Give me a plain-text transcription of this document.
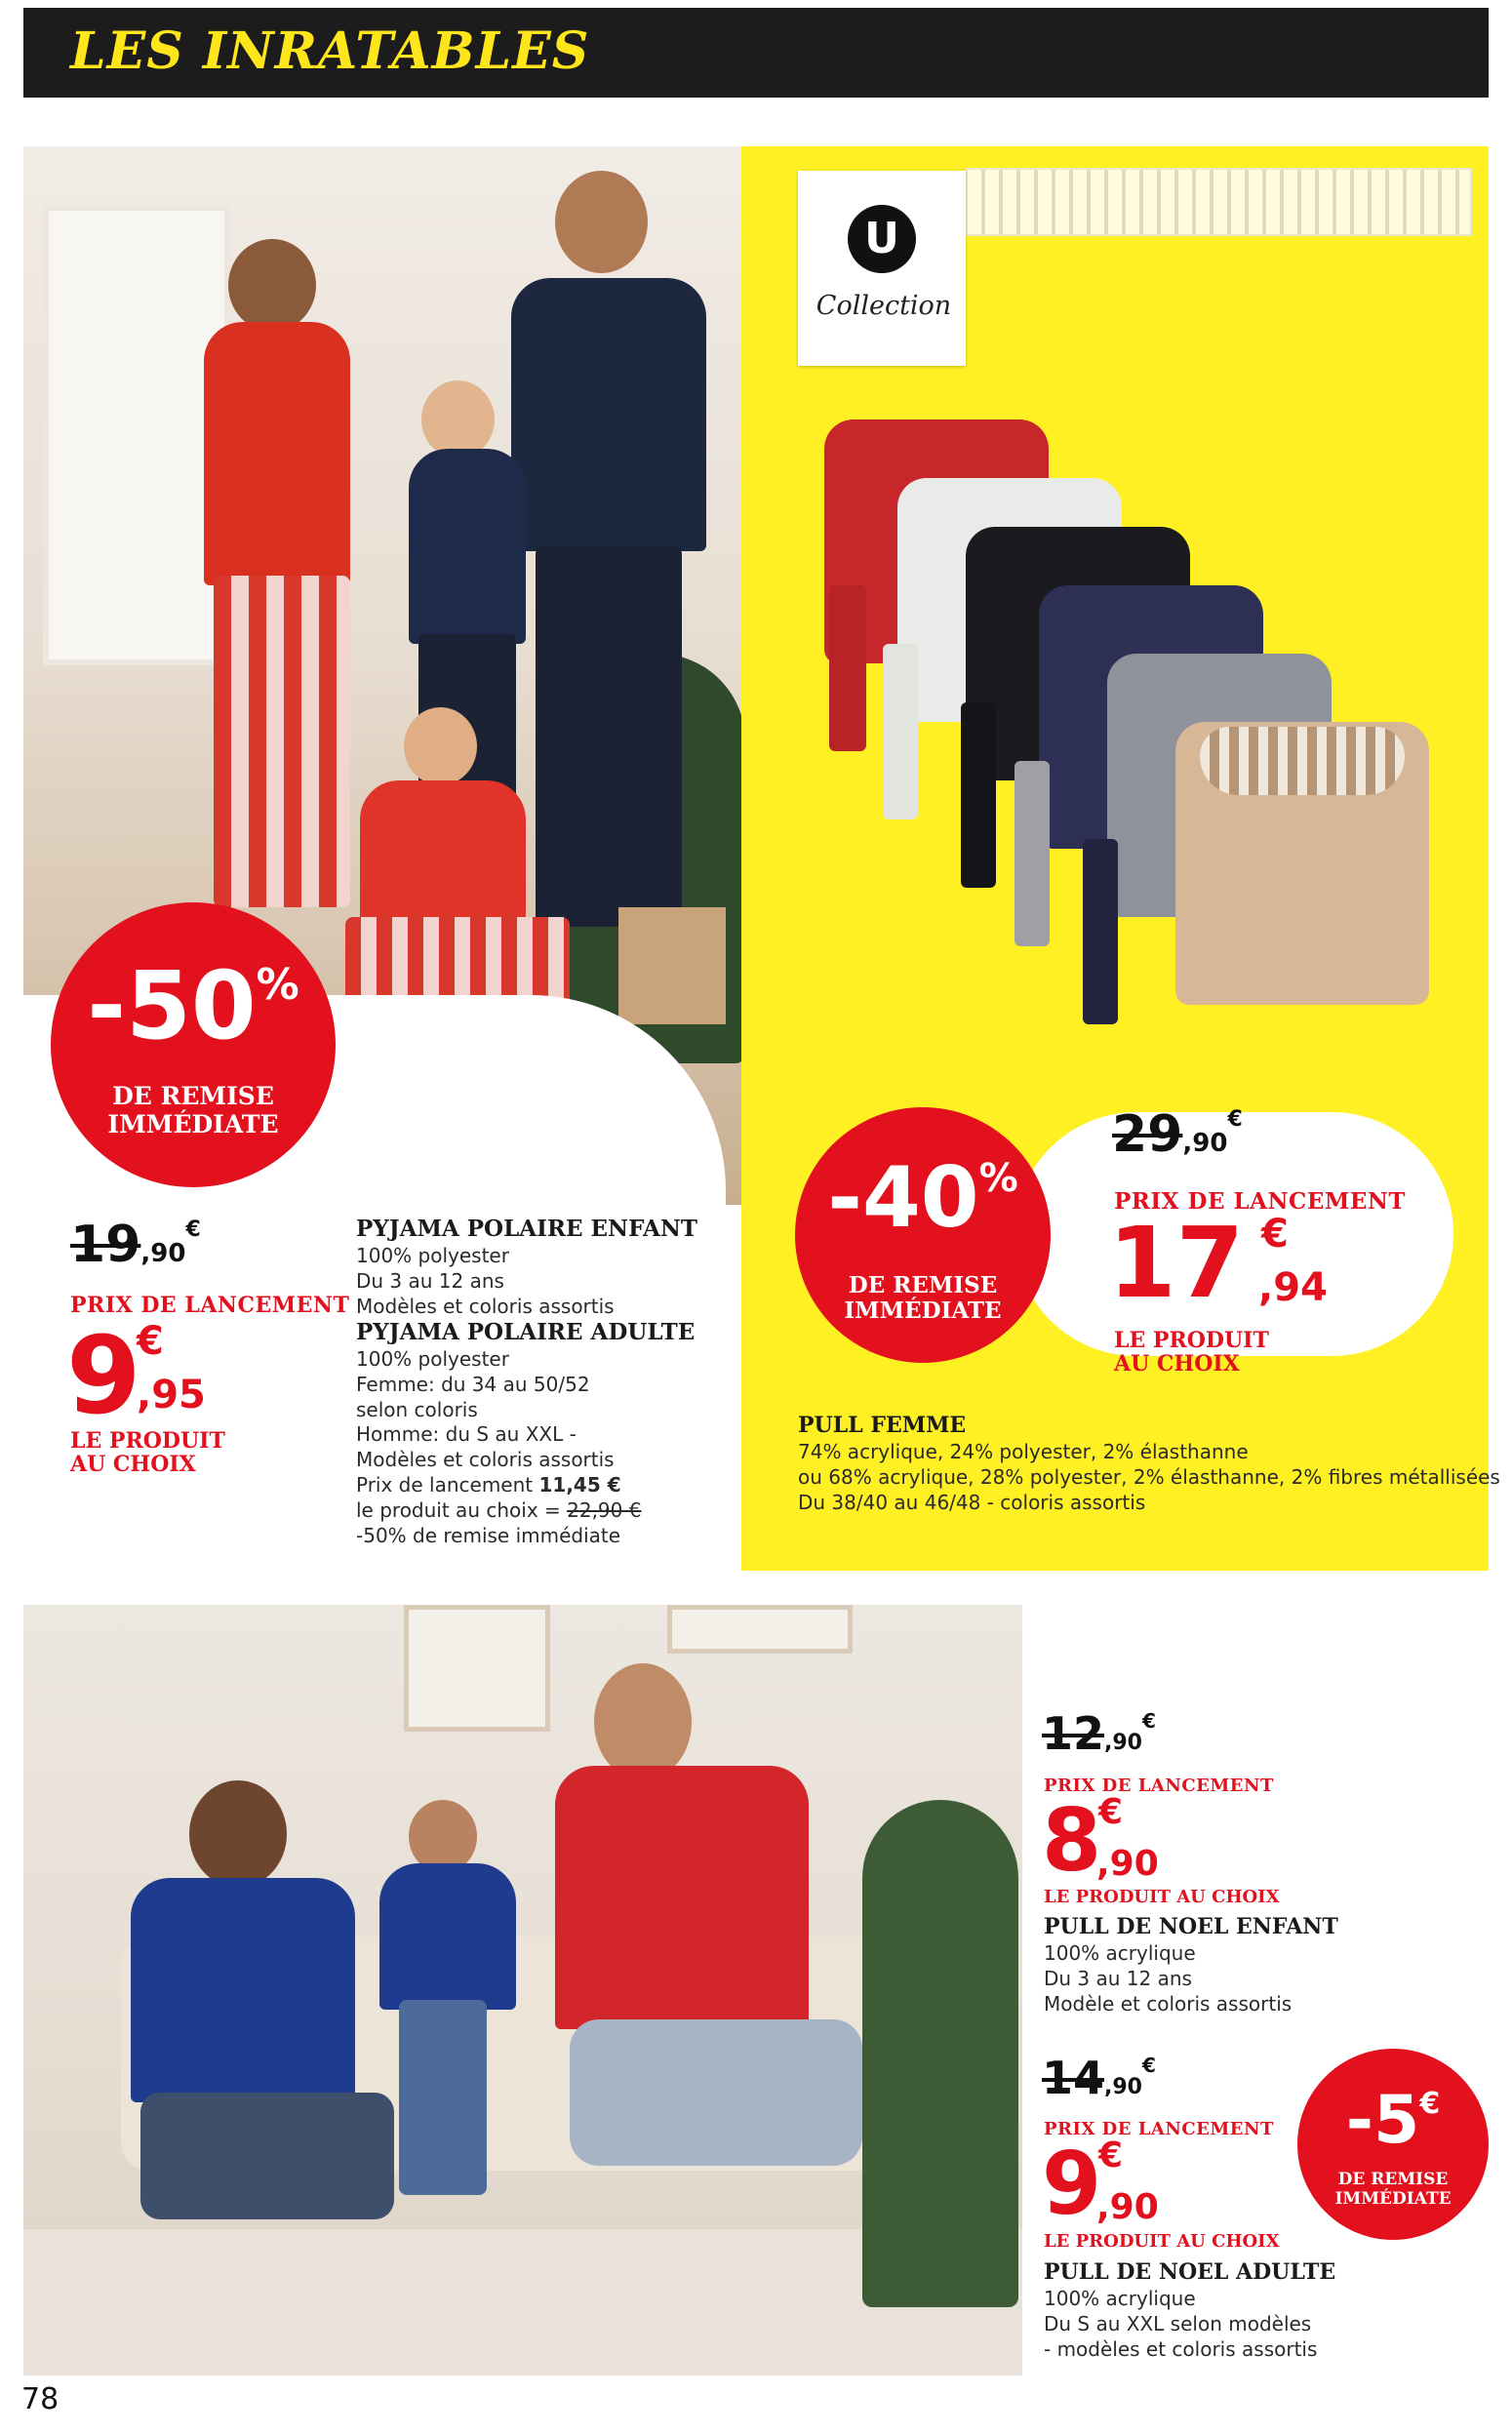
LES INRATABLES
U
Collection
-50%
DE REMISE
IMMÉDIATE
19,90€
PRIX DE LANCEMENT
9
€
,95
LE PRODUIT
AU CHOIX
PYJAMA POLAIRE ENFANT
100% polyester
Du 3 au 12 ans
Modèles et coloris assortis
PYJAMA POLAIRE ADULTE
100% polyester
Femme: du 34 au 50/52
selon coloris
Homme: du S au XXL -
Modèles et coloris assortis
Prix de lancement 11,45 €
le produit au choix = 22,90 €
-50% de remise immédiate
-40%
DE REMISE
IMMÉDIATE
29,90€
PRIX DE LANCEMENT
17 €
,94
LE PRODUIT
AU CHOIX
PULL FEMME
74% acrylique, 24% polyester, 2% élasthanne
ou 68% acrylique, 28% polyester, 2% élasthanne, 2% fibres métallisées
Du 38/40 au 46/48 - coloris assortis
12,90€
PRIX DE LANCEMENT
8
€
,90
LE PRODUIT AU CHOIX
PULL DE NOEL ENFANT
100% acrylique
Du 3 au 12 ans
Modèle et coloris assortis
14,90€
PRIX DE LANCEMENT
9
€
,90
LE PRODUIT AU CHOIX
PULL DE NOEL ADULTE
100% acrylique
Du S au XXL selon modèles
- modèles et coloris assortis
-5€
DE REMISE
IMMÉDIATE
78
